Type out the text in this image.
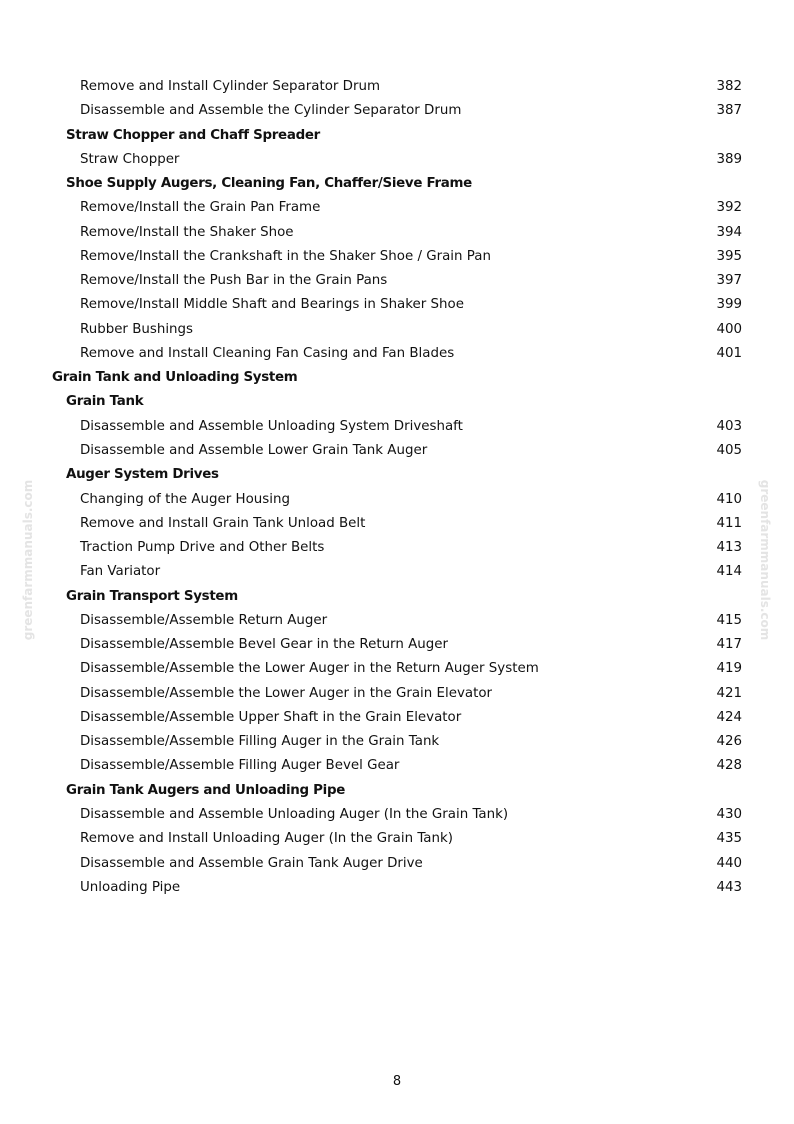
Remove and Install Cylinder Separator Drum	382
Disassemble and Assemble the Cylinder Separator Drum	387
Straw Chopper and Chaff Spreader
Straw Chopper	389
Shoe Supply Augers, Cleaning Fan, Chaffer/Sieve Frame
Remove/Install the Grain Pan Frame	392
Remove/Install the Shaker Shoe	394
Remove/Install the Crankshaft in the Shaker Shoe / Grain Pan	395
Remove/Install the Push Bar in the Grain Pans	397
Remove/Install Middle Shaft and Bearings in Shaker Shoe	399
Rubber Bushings	400
Remove and Install Cleaning Fan Casing and Fan Blades	401
Grain Tank and Unloading System
Grain Tank
Disassemble and Assemble Unloading System Driveshaft	403
Disassemble and Assemble Lower Grain Tank Auger	405
Auger System Drives
Changing of the Auger Housing	410
Remove and Install Grain Tank Unload Belt	411
Traction Pump Drive and Other Belts	413
Fan Variator	414
Grain Transport System
Disassemble/Assemble Return Auger	415
Disassemble/Assemble Bevel Gear in the Return Auger	417
Disassemble/Assemble the Lower Auger in the Return Auger System	419
Disassemble/Assemble the Lower Auger in the Grain Elevator	421
Disassemble/Assemble Upper Shaft in the Grain Elevator	424
Disassemble/Assemble Filling Auger in the Grain Tank	426
Disassemble/Assemble Filling Auger Bevel Gear	428
Grain Tank Augers and Unloading Pipe
Disassemble and Assemble Unloading Auger (In the Grain Tank)	430
Remove and Install Unloading Auger (In the Grain Tank)	435
Disassemble and Assemble Grain Tank Auger Drive	440
Unloading Pipe	443
greenfarmmanuals.com	greenfarmmanuals.com
8
